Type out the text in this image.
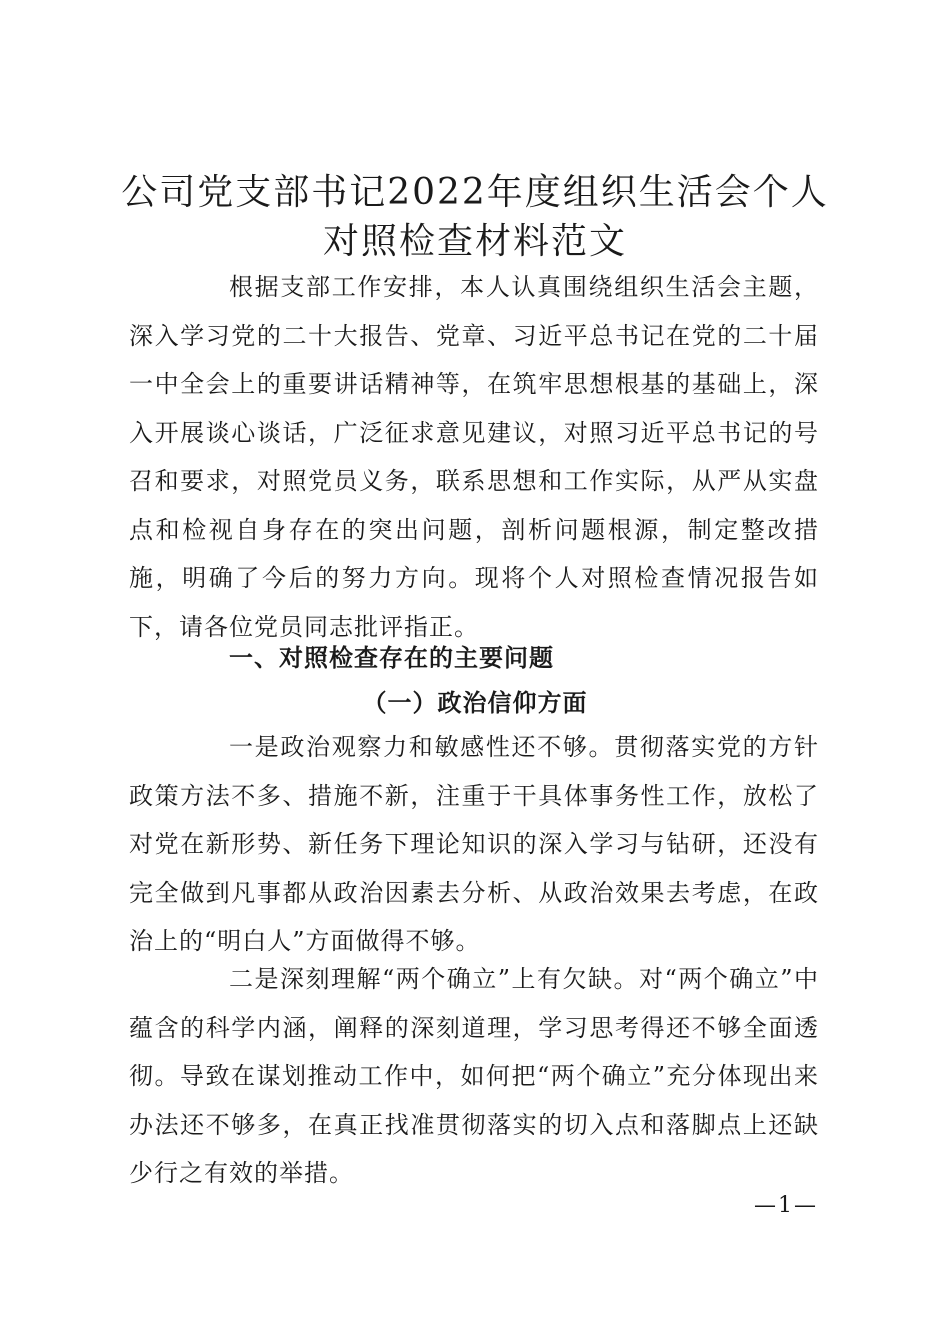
公司党支部书记2022年度组织生活会个人对照检查材料范文

根据支部工作安排，本人认真围绕组织生活会主题，深入学习党的二十大报告、党章、习近平总书记在党的二十届一中全会上的重要讲话精神等，在筑牢思想根基的基础上，深入开展谈心谈话，广泛征求意见建议，对照习近平总书记的号召和要求，对照党员义务，联系思想和工作实际，从严从实盘点和检视自身存在的突出问题，剖析问题根源，制定整改措施，明确了今后的努力方向。现将个人对照检查情况报告如下，请各位党员同志批评指正。

一、对照检查存在的主要问题
（一）政治信仰方面

一是政治观察力和敏感性还不够。贯彻落实党的方针政策方法不多、措施不新，注重于干具体事务性工作，放松了对党在新形势、新任务下理论知识的深入学习与钻研，还没有完全做到凡事都从政治因素去分析、从政治效果去考虑，在政治上的“明白人”方面做得不够。

二是深刻理解“两个确立”上有欠缺。对“两个确立”中蕴含的科学内涵，阐释的深刻道理，学习思考得还不够全面透彻。导致在谋划推动工作中，如何把“两个确立”充分体现出来办法还不够多，在真正找准贯彻落实的切入点和落脚点上还缺少行之有效的举措。

—1—
